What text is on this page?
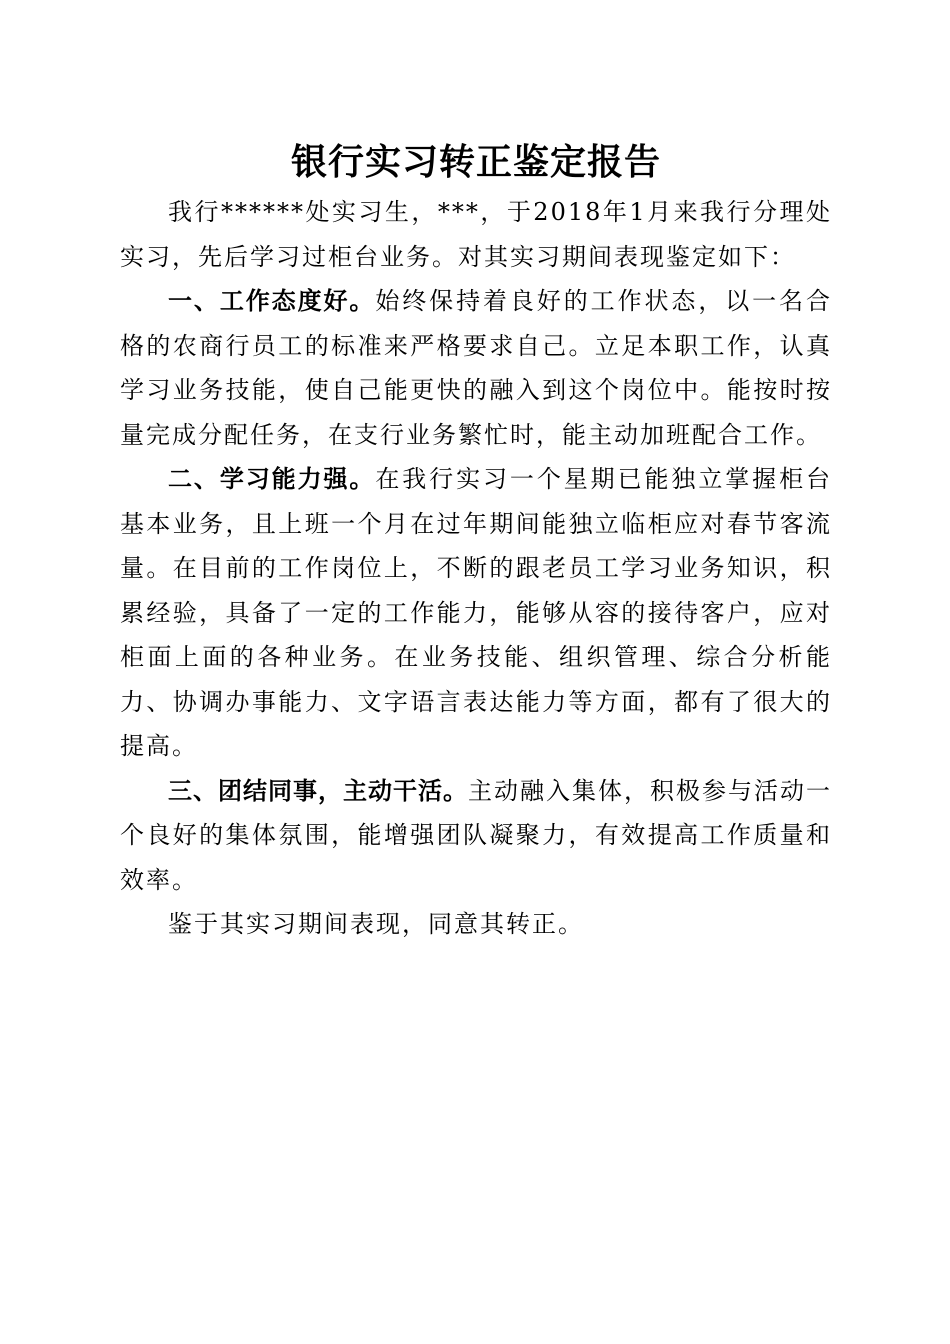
银行实习转正鉴定报告

我行******处实习生，***，于2018年1月来我行分理处实习，先后学习过柜台业务。对其实习期间表现鉴定如下：

一、工作态度好。始终保持着良好的工作状态，以一名合格的农商行员工的标准来严格要求自己。立足本职工作，认真学习业务技能，使自己能更快的融入到这个岗位中。能按时按量完成分配任务，在支行业务繁忙时，能主动加班配合工作。

二、学习能力强。在我行实习一个星期已能独立掌握柜台基本业务，且上班一个月在过年期间能独立临柜应对春节客流量。在目前的工作岗位上，不断的跟老员工学习业务知识，积累经验，具备了一定的工作能力，能够从容的接待客户，应对柜面上面的各种业务。在业务技能、组织管理、综合分析能力、协调办事能力、文字语言表达能力等方面，都有了很大的提高。

三、团结同事，主动干活。主动融入集体，积极参与活动一个良好的集体氛围，能增强团队凝聚力，有效提高工作质量和效率。

鉴于其实习期间表现，同意其转正。
